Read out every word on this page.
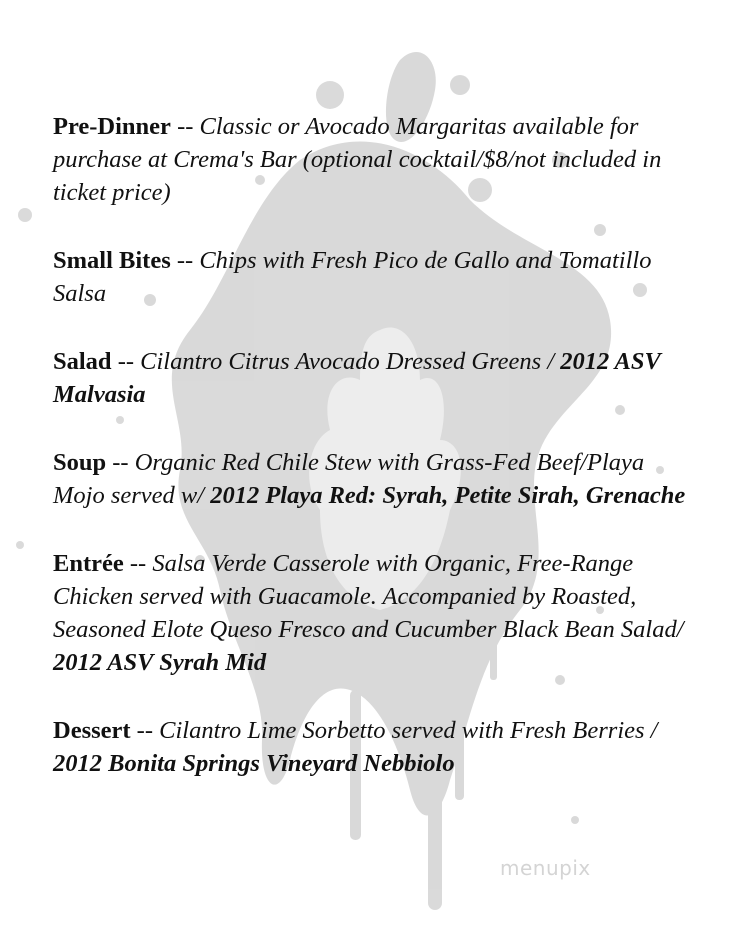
Pre-Dinner -- Classic or Avocado Margaritas available for purchase at Crema's Bar (optional cocktail/$8/not included in ticket price)

Small Bites -- Chips with Fresh Pico de Gallo and Tomatillo Salsa

Salad -- Cilantro Citrus Avocado Dressed Greens / 2012 ASV Malvasia

Soup -- Organic Red Chile Stew with Grass-Fed Beef/Playa Mojo served w/ 2012 Playa Red: Syrah, Petite Sirah, Grenache

Entrée -- Salsa Verde Casserole with Organic, Free-Range Chicken served with Guacamole. Accompanied by Roasted, Seasoned Elote Queso Fresco and Cucumber Black Bean Salad/ 2012 ASV Syrah Mid

Dessert -- Cilantro Lime Sorbetto served with Fresh Berries / 2012 Bonita Springs Vineyard Nebbiolo

menupix
